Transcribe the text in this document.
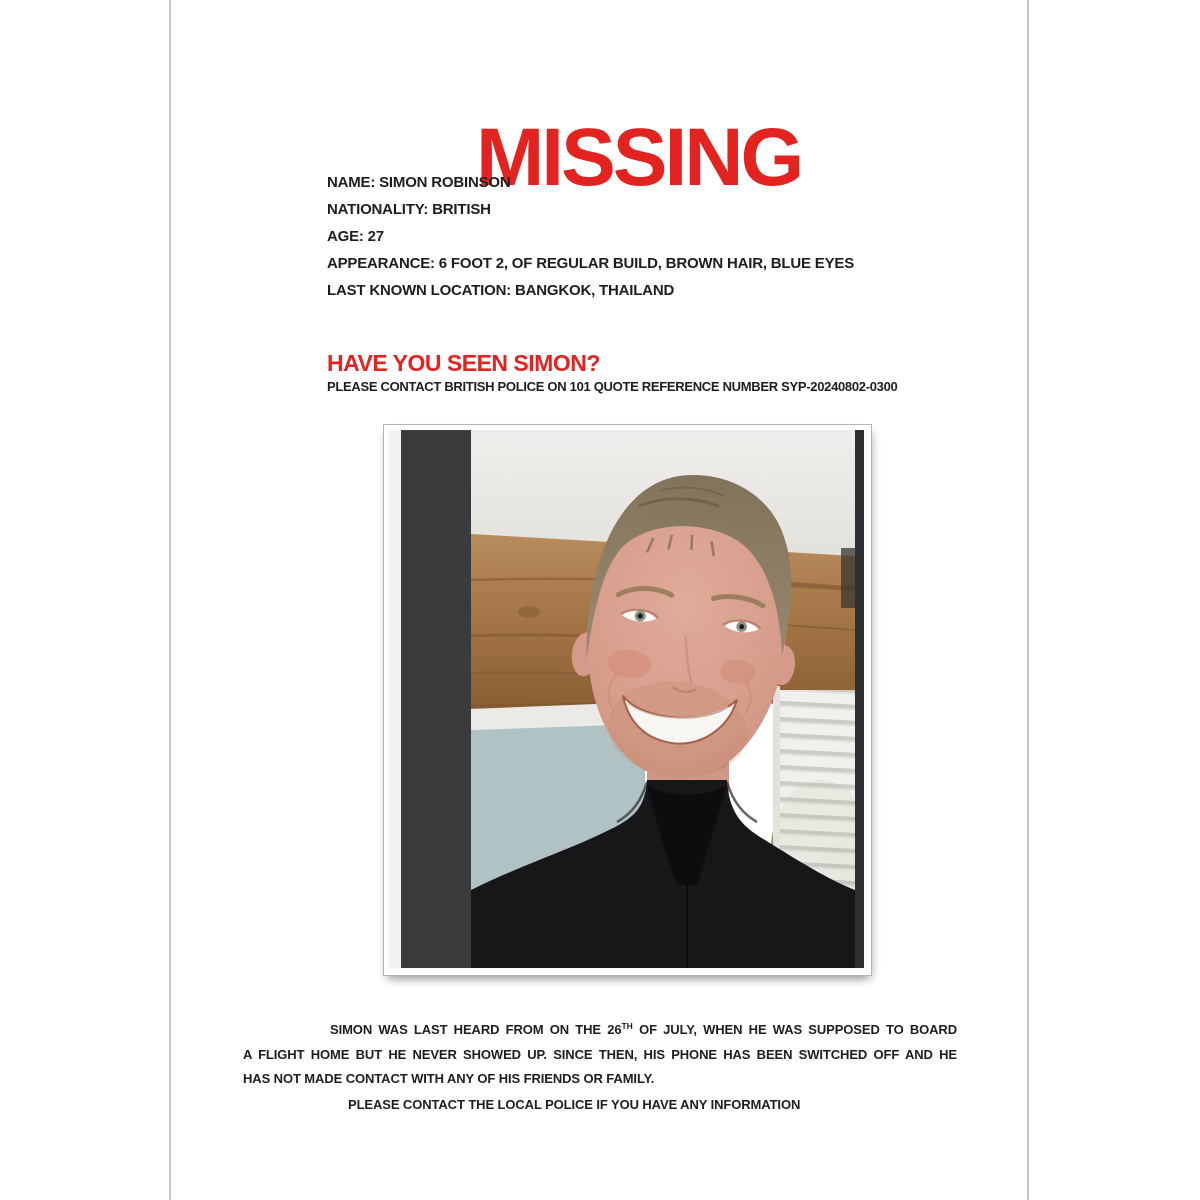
MISSING
NAME: SIMON ROBINSON
NATIONALITY: BRITISH
AGE: 27
APPEARANCE: 6 FOOT 2, OF REGULAR BUILD, BROWN HAIR, BLUE EYES
LAST KNOWN LOCATION: BANGKOK, THAILAND
HAVE YOU SEEN SIMON?
PLEASE CONTACT BRITISH POLICE ON 101 QUOTE REFERENCE NUMBER SYP-20240802-0300
SIMON WAS LAST HEARD FROM ON THE 26TH OF JULY, WHEN HE WAS SUPPOSED TO BOARD
A FLIGHT HOME BUT HE NEVER SHOWED UP. SINCE THEN, HIS PHONE HAS BEEN SWITCHED OFF AND HE
HAS NOT MADE CONTACT WITH ANY OF HIS FRIENDS OR FAMILY.
PLEASE CONTACT THE LOCAL POLICE IF YOU HAVE ANY INFORMATION
